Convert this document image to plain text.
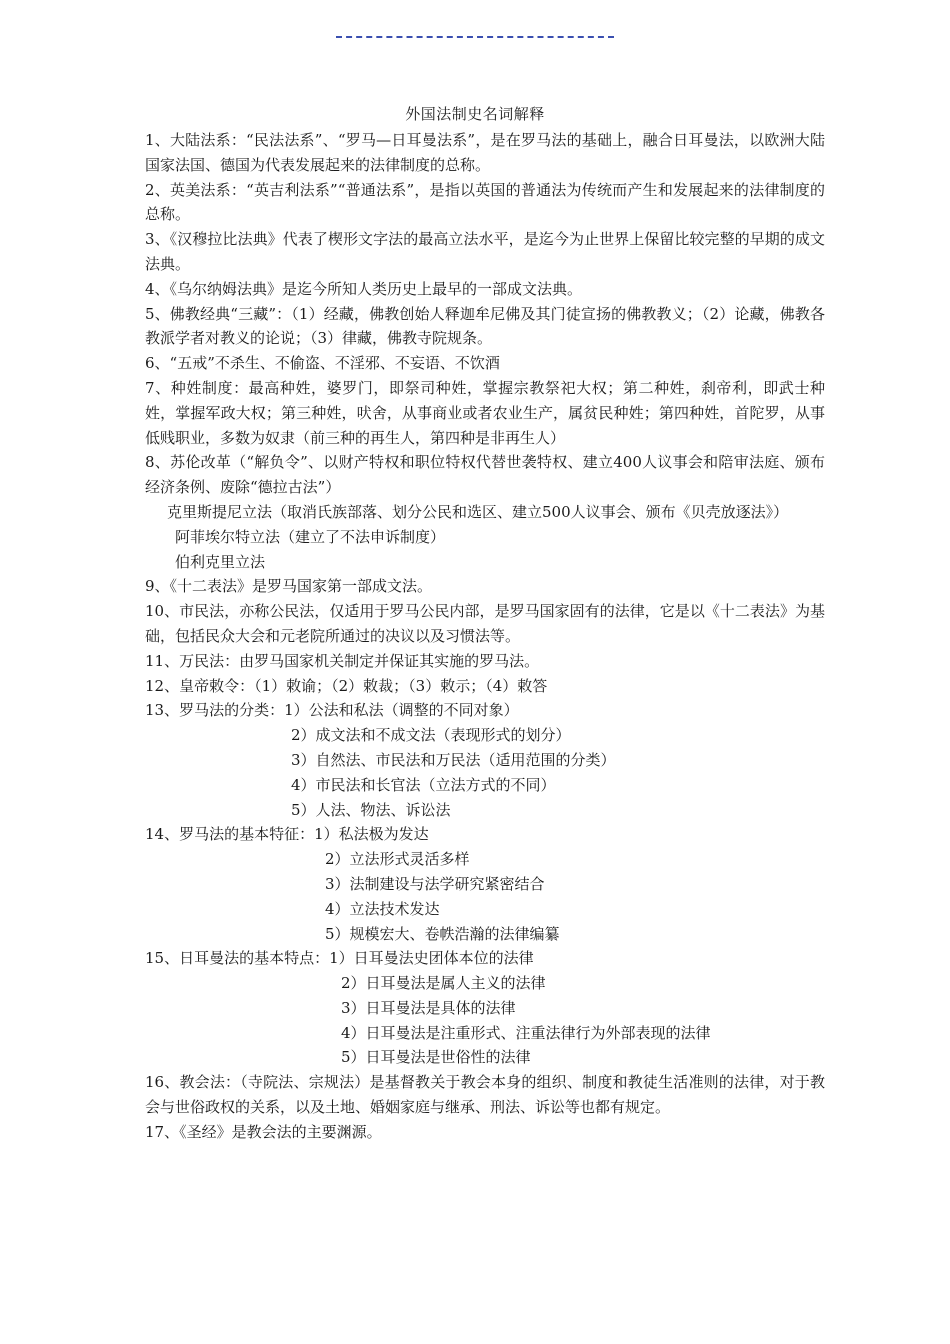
外国法制史名词解释

1、大陆法系：“民法法系”、“罗马—日耳曼法系”，是在罗马法的基础上，融合日耳曼法，以欧洲大陆国家法国、德国为代表发展起来的法律制度的总称。

2、英美法系：“英吉利法系”“普通法系”，是指以英国的普通法为传统而产生和发展起来的法律制度的总称。

3、《汉穆拉比法典》代表了楔形文字法的最高立法水平，是迄今为止世界上保留比较完整的早期的成文法典。

4、《乌尔纳姆法典》是迄今所知人类历史上最早的一部成文法典。

5、佛教经典“三藏”：（1）经藏，佛教创始人释迦牟尼佛及其门徒宣扬的佛教教义；（2）论藏，佛教各教派学者对教义的论说；（3）律藏，佛教寺院规条。

6、“五戒”不杀生、不偷盗、不淫邪、不妄语、不饮酒

7、种姓制度：最高种姓，婆罗门，即祭司种姓，掌握宗教祭祀大权；第二种姓，刹帝利，即武士种姓，掌握军政大权；第三种姓，吠舍，从事商业或者农业生产，属贫民种姓；第四种姓，首陀罗，从事低贱职业，多数为奴隶（前三种的再生人，第四种是非再生人）

8、苏伦改革（“解负令”、以财产特权和职位特权代替世袭特权、建立400人议事会和陪审法庭、颁布经济条例、废除“德拉古法”）

克里斯提尼立法（取消氏族部落、划分公民和选区、建立500人议事会、颁布《贝壳放逐法》）

阿菲埃尔特立法（建立了不法申诉制度）

伯利克里立法

9、《十二表法》是罗马国家第一部成文法。

10、市民法，亦称公民法，仅适用于罗马公民内部，是罗马国家固有的法律，它是以《十二表法》为基础，包括民众大会和元老院所通过的决议以及习惯法等。

11、万民法：由罗马国家机关制定并保证其实施的罗马法。

12、皇帝敕令：（1）敕谕；（2）敕裁；（3）敕示；（4）敕答

13、罗马法的分类：1）公法和私法（调整的不同对象）

2）成文法和不成文法（表现形式的划分）

3）自然法、市民法和万民法（适用范围的分类）

4）市民法和长官法（立法方式的不同）

5）人法、物法、诉讼法

14、罗马法的基本特征：1）私法极为发达

2）立法形式灵活多样

3）法制建设与法学研究紧密结合

4）立法技术发达

5）规模宏大、卷帙浩瀚的法律编纂

15、日耳曼法的基本特点：1）日耳曼法史团体本位的法律

2）日耳曼法是属人主义的法律

3）日耳曼法是具体的法律

4）日耳曼法是注重形式、注重法律行为外部表现的法律

5）日耳曼法是世俗性的法律

16、教会法：（寺院法、宗规法）是基督教关于教会本身的组织、制度和教徒生活准则的法律，对于教会与世俗政权的关系，以及土地、婚姻家庭与继承、刑法、诉讼等也都有规定。

17、《圣经》是教会法的主要渊源。
